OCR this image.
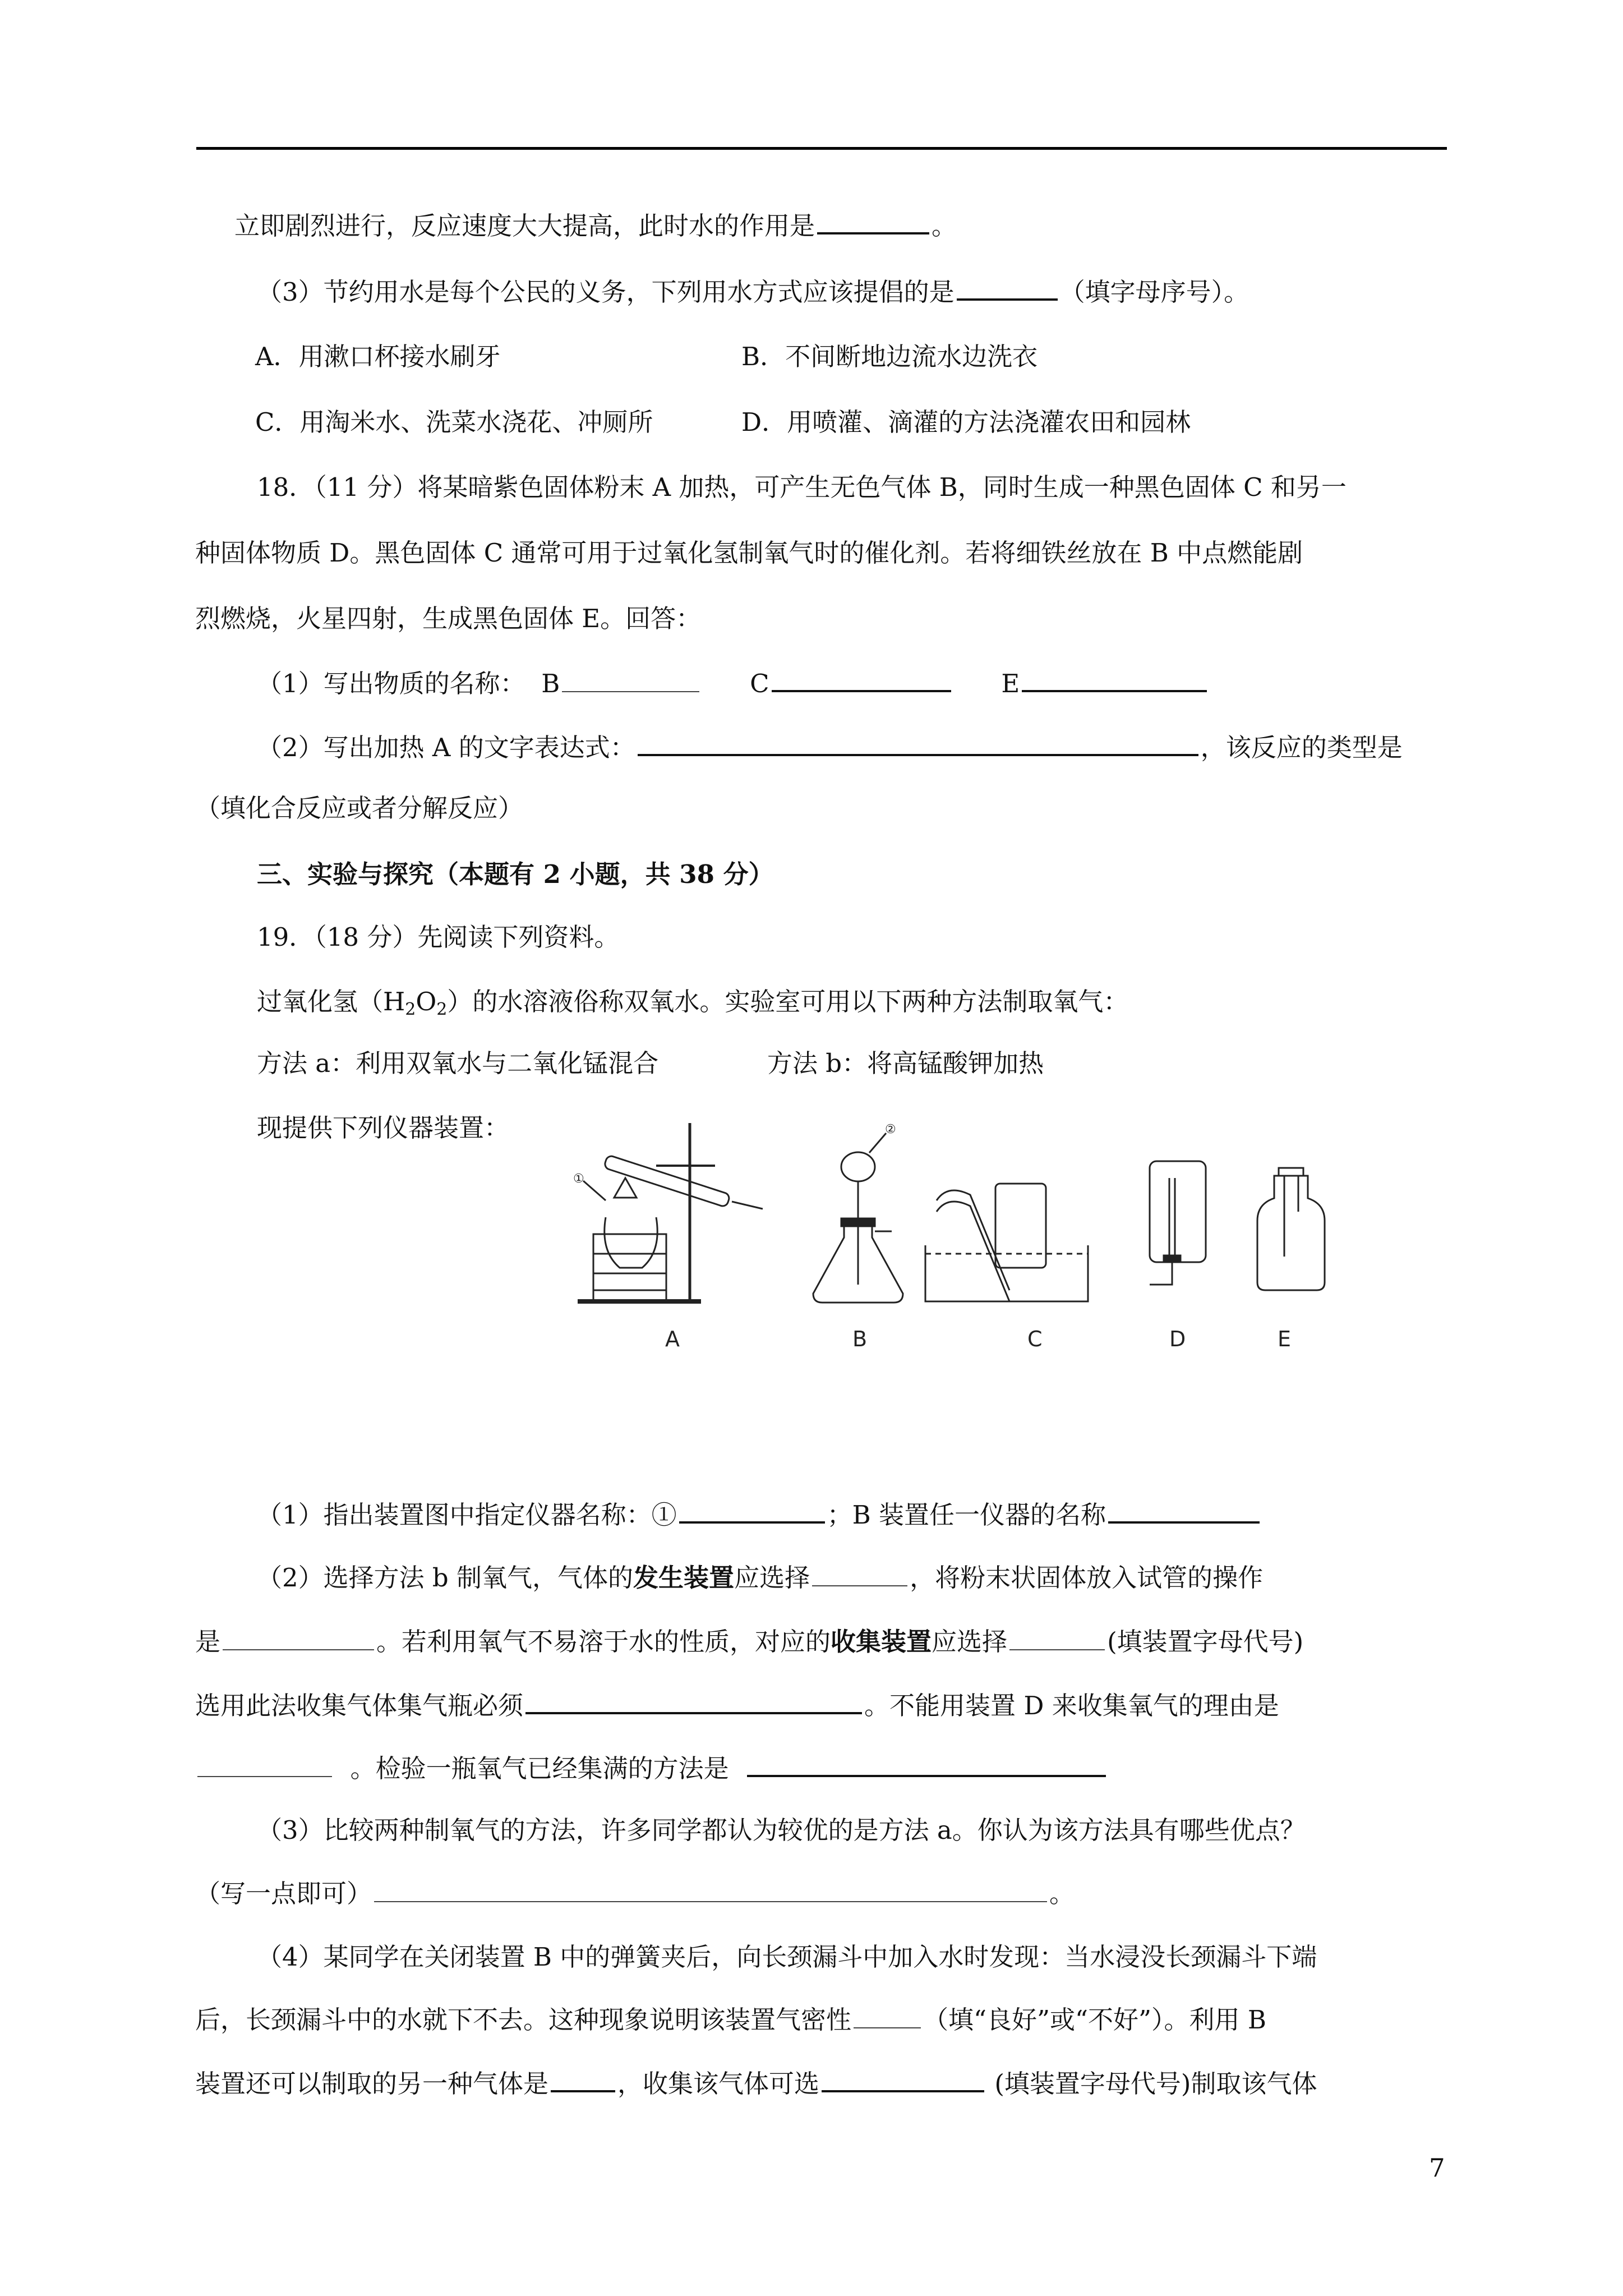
立即剧烈进行，反应速度大大提高，此时水的作用是	。
（3）节约用水是每个公民的义务，下列用水方式应该提倡的是	（填字母序号）。
A．用漱口杯接水刷牙	B．不间断地边流水边洗衣
C．用淘米水、洗菜水浇花、冲厕所	D．用喷灌、滴灌的方法浇灌农田和园林
18．（11 分）将某暗紫色固体粉末 A 加热，可产生无色气体 B，同时生成一种黑色固体 C 和另一
种固体物质 D。黑色固体 C 通常可用于过氧化氢制氧气时的催化剂。若将细铁丝放在 B 中点燃能剧
烈燃烧，火星四射，生成黑色固体 E。回答：
（1）写出物质的名称： B	C	E
（2）写出加热 A 的文字表达式：	，该反应的类型是
（填化合反应或者分解反应）
三、实验与探究（本题有 2 小题，共 38 分）
19．（18 分）先阅读下列资料。
过氧化氢$(H_2O_2)$的水溶液俗称双氧水。实验室可用以下两种方法制取氧气：
方法 a：利用双氧水与二氧化锰混合	方法 b：将高锰酸钾加热
现提供下列仪器装置：
①
②
A	B	C	D	E
（1）指出装置图中指定仪器名称：①	；B 装置任一仪器的名称
（2）选择方法 b 制氧气，气体的发生装置应选择	，将粉末状固体放入试管的操作
是	。若利用氧气不易溶于水的性质，对应的收集装置应选择	(填装置字母代号)
选用此法收集气体集气瓶必须	。不能用装置 D 来收集氧气的理由是
。检验一瓶氧气已经集满的方法是
（3）比较两种制氧气的方法，许多同学都认为较优的是方法 a。你认为该方法具有哪些优点？
（写一点即可）	。
（4）某同学在关闭装置 B 中的弹簧夹后，向长颈漏斗中加入水时发现：当水浸没长颈漏斗下端
后，长颈漏斗中的水就下不去。这种现象说明该装置气密性	（填“良好”或“不好”）。利用 B
装置还可以制取的另一种气体是	，收集该气体可选	(填装置字母代号)制取该气体
7
